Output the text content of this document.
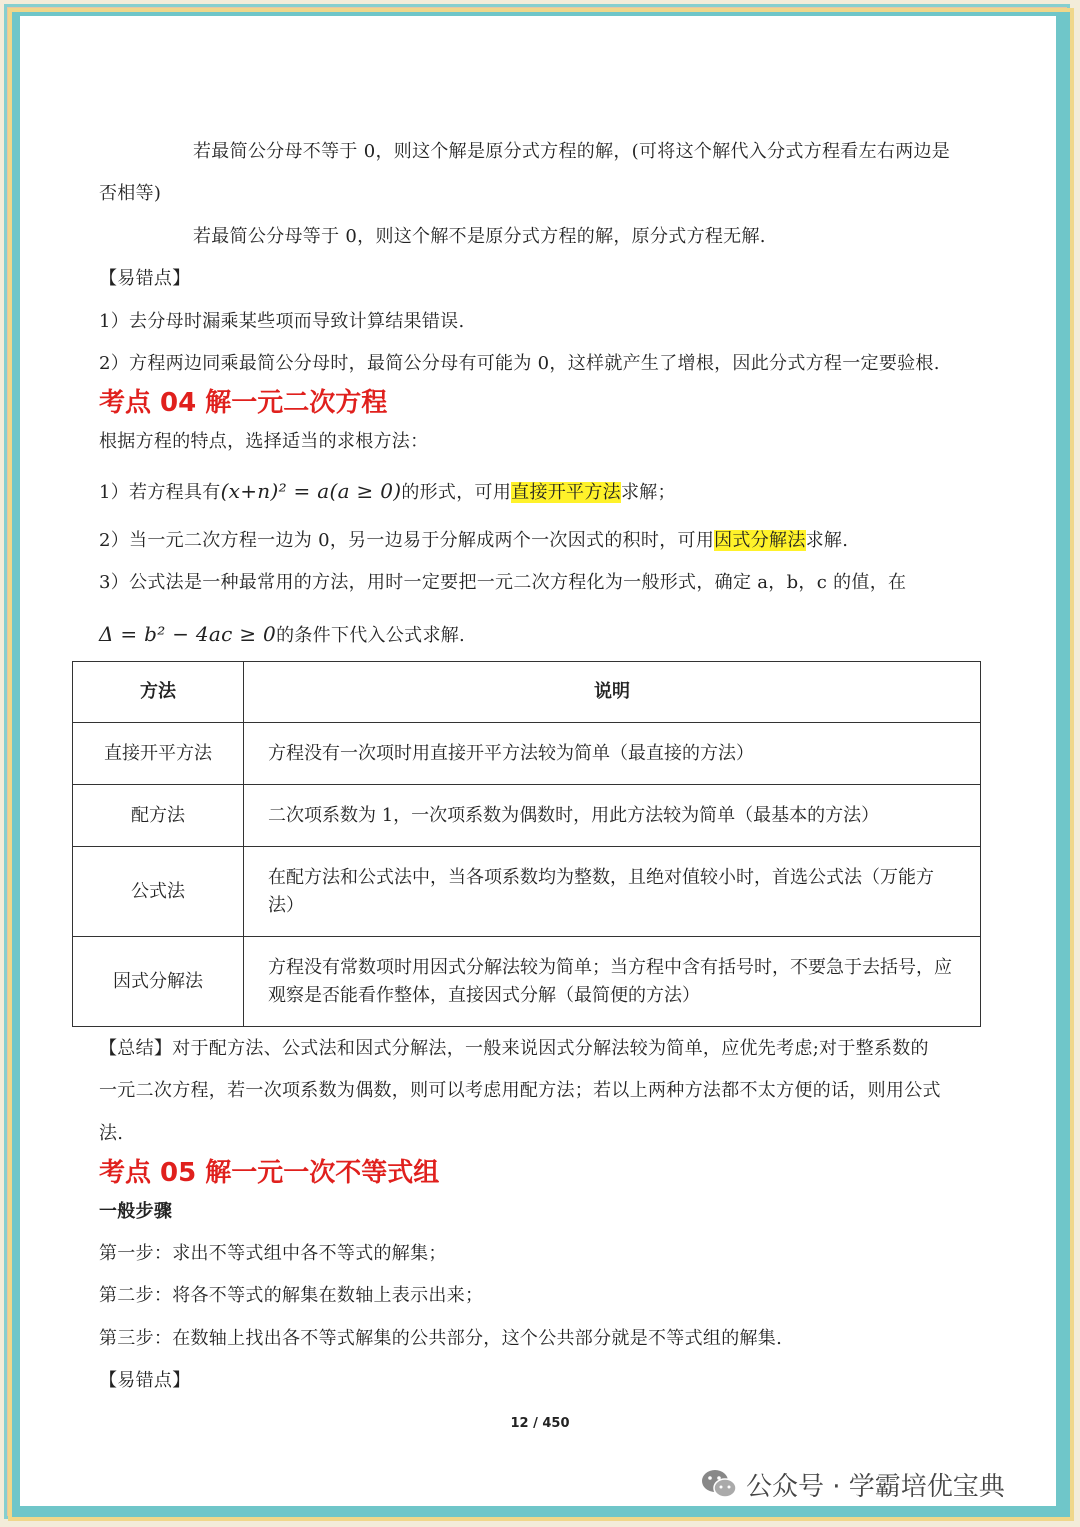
若最简公分母不等于 0，则这个解是原分式方程的解，(可将这个解代入分式方程看左右两边是
否相等)
若最简公分母等于 0，则这个解不是原分式方程的解，原分式方程无解.
【易错点】
1）去分母时漏乘某些项而导致计算结果错误.
2）方程两边同乘最简公分母时，最简公分母有可能为 0，这样就产生了增根，因此分式方程一定要验根.
考点 04 解一元二次方程
根据方程的特点，选择适当的求根方法：
1）若方程具有(x+n)² = a(a ≥ 0)的形式，可用直接开平方法求解；
2）当一元二次方程一边为 0，另一边易于分解成两个一次因式的积时，可用因式分解法求解.
3）公式法是一种最常用的方法，用时一定要把一元二次方程化为一般形式，确定 a，b，c 的值，在
Δ = b² − 4ac ≥ 0的条件下代入公式求解.
方法	说明
直接开平方法	方程没有一次项时用直接开平方法较为简单（最直接的方法）
配方法	二次项系数为 1，一次项系数为偶数时，用此方法较为简单（最基本的方法）
公式法	在配方法和公式法中，当各项系数均为整数，且绝对值较小时，首选公式法（万能方法）
因式分解法	方程没有常数项时用因式分解法较为简单；当方程中含有括号时，不要急于去括号，应观察是否能看作整体，直接因式分解（最简便的方法）
【总结】对于配方法、公式法和因式分解法，一般来说因式分解法较为简单，应优先考虑;对于整系数的
一元二次方程，若一次项系数为偶数，则可以考虑用配方法；若以上两种方法都不太方便的话，则用公式
法.
考点 05 解一元一次不等式组
一般步骤
第一步：求出不等式组中各不等式的解集；
第二步：将各不等式的解集在数轴上表示出来；
第三步：在数轴上找出各不等式解集的公共部分，这个公共部分就是不等式组的解集.
【易错点】
12 / 450
公众号 · 学霸培优宝典
